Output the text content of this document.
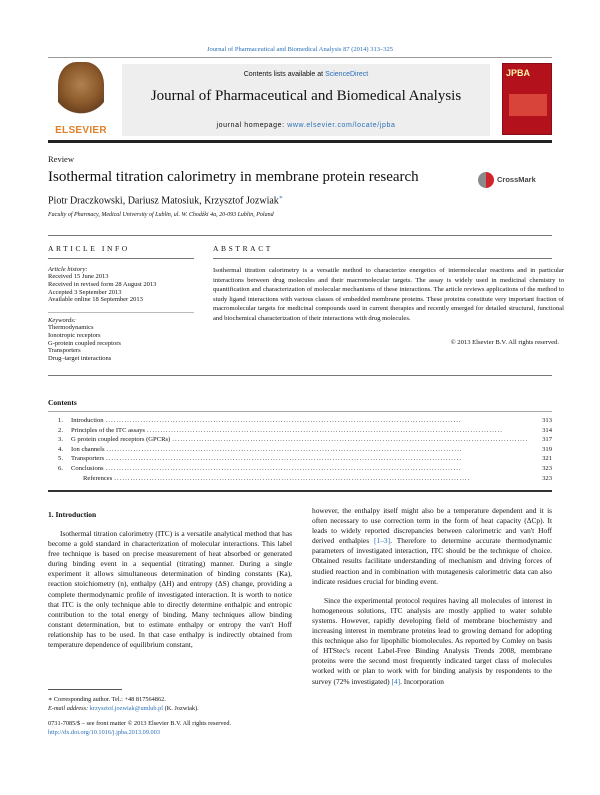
Journal of Pharmaceutical and Biomedical Analysis 87 (2014) 313–325
ELSEVIER
Contents lists available at ScienceDirect
Journal of Pharmaceutical and Biomedical Analysis
journal homepage: www.elsevier.com/locate/jpba
JPBA
Review
Isothermal titration calorimetry in membrane protein research	CrossMark
Piotr Draczkowski, Dariusz Matosiuk, Krzysztof Jozwiak∗
Faculty of Pharmacy, Medical University of Lublin, ul. W. Chodźki 4a, 20-093 Lublin, Poland
ARTICLE INFO	ABSTRACT
Article history:
Received 15 June 2013
Received in revised form 28 August 2013
Accepted 3 September 2013
Available online 18 September 2013
Keywords:
Thermodynamics
Ionotropic receptors
G-protein coupled receptors
Transporters
Drug–target interactions
Isothermal titration calorimetry is a versatile method to characterize energetics of intermolecular reactions and in particular interactions between drug molecules and their macromolecular targets. The assay is widely used in medicinal chemistry to quantification and characterization of molecular mechanisms of these interactions. The article reviews applications of the method to study ligand interactions with various classes of embedded membrane proteins. These proteins constitute very important fraction of macromolecular targets for medicinal compounds used in current therapies and recently emerged for detailed structural, functional and biochemical characterization of their interactions with drug molecules.
© 2013 Elsevier B.V. All rights reserved.
Contents
1. Introduction . . .	313
2. Principles of the ITC assays . . .	314
3. G protein coupled receptors (GPCRs) . . .	317
4. Ion channels . . .	319
5. Transporters . . .	321
6. Conclusions . . .	323
References . . .	323
1. Introduction

Isothermal titration calorimetry (ITC) is a versatile analytical method that has become a gold standard in characterization of molecular interactions. This label free technique is based on precise measurement of heat absorbed or generated during binding event in a sequential (titrating) manner. During a single experiment it allows simultaneous determination of binding constants (Ka), reaction stoichiometry (n), enthalpy (ΔH) and entropy (ΔS) change, providing a complete thermodynamic profile of investigated interaction. It is worth to notice that ITC is the only technique able to directly determine enthalpic and entropic contribution to the total energy of binding. Many techniques allow binding constant determination, but to estimate enthalpy or entropy the van't Hoff relationship has to be used. In that case enthalpy is indirectly obtained from temperature dependence of equilibrium constant,

however, the enthalpy itself might also be a temperature dependent and it is often necessary to use correction term in the form of heat capacity (ΔCp). It leads to widely reported discrepancies between calorimetric and van't Hoff derived enthalpies [1–3]. Therefore to determine accurate thermodynamic parameters of investigated interaction, ITC should be the technique of choice. Obtained results facilitate understanding of mechanism and driving forces of studied reaction and in combination with mutagenesis calorimetric data can also indicate residues crucial for binding event.

Since the experimental protocol requires having all molecules of interest in homogeneous solutions, ITC analysis are mostly applied to water soluble systems. However, rapidly developing field of membrane biochemistry and increasing interest in membrane proteins lead to growing demand for adopting this technique also for lipophilic biomolecules. As reported by Comley on basis of HTStec's recent Label-Free Binding Analysis Trends 2008, membrane proteins were the second most frequently indicated target class of molecules worked with or plan to work with for binding analysis by respondents to the survey (72% investigated) [4]. Incorporation

∗ Corresponding author. Tel.: +48 817564862.
E-mail address: krzysztof.jozwiak@umlub.pl (K. Jozwiak).
0731-7085/$ – see front matter © 2013 Elsevier B.V. All rights reserved.
http://dx.doi.org/10.1016/j.jpba.2013.09.003
